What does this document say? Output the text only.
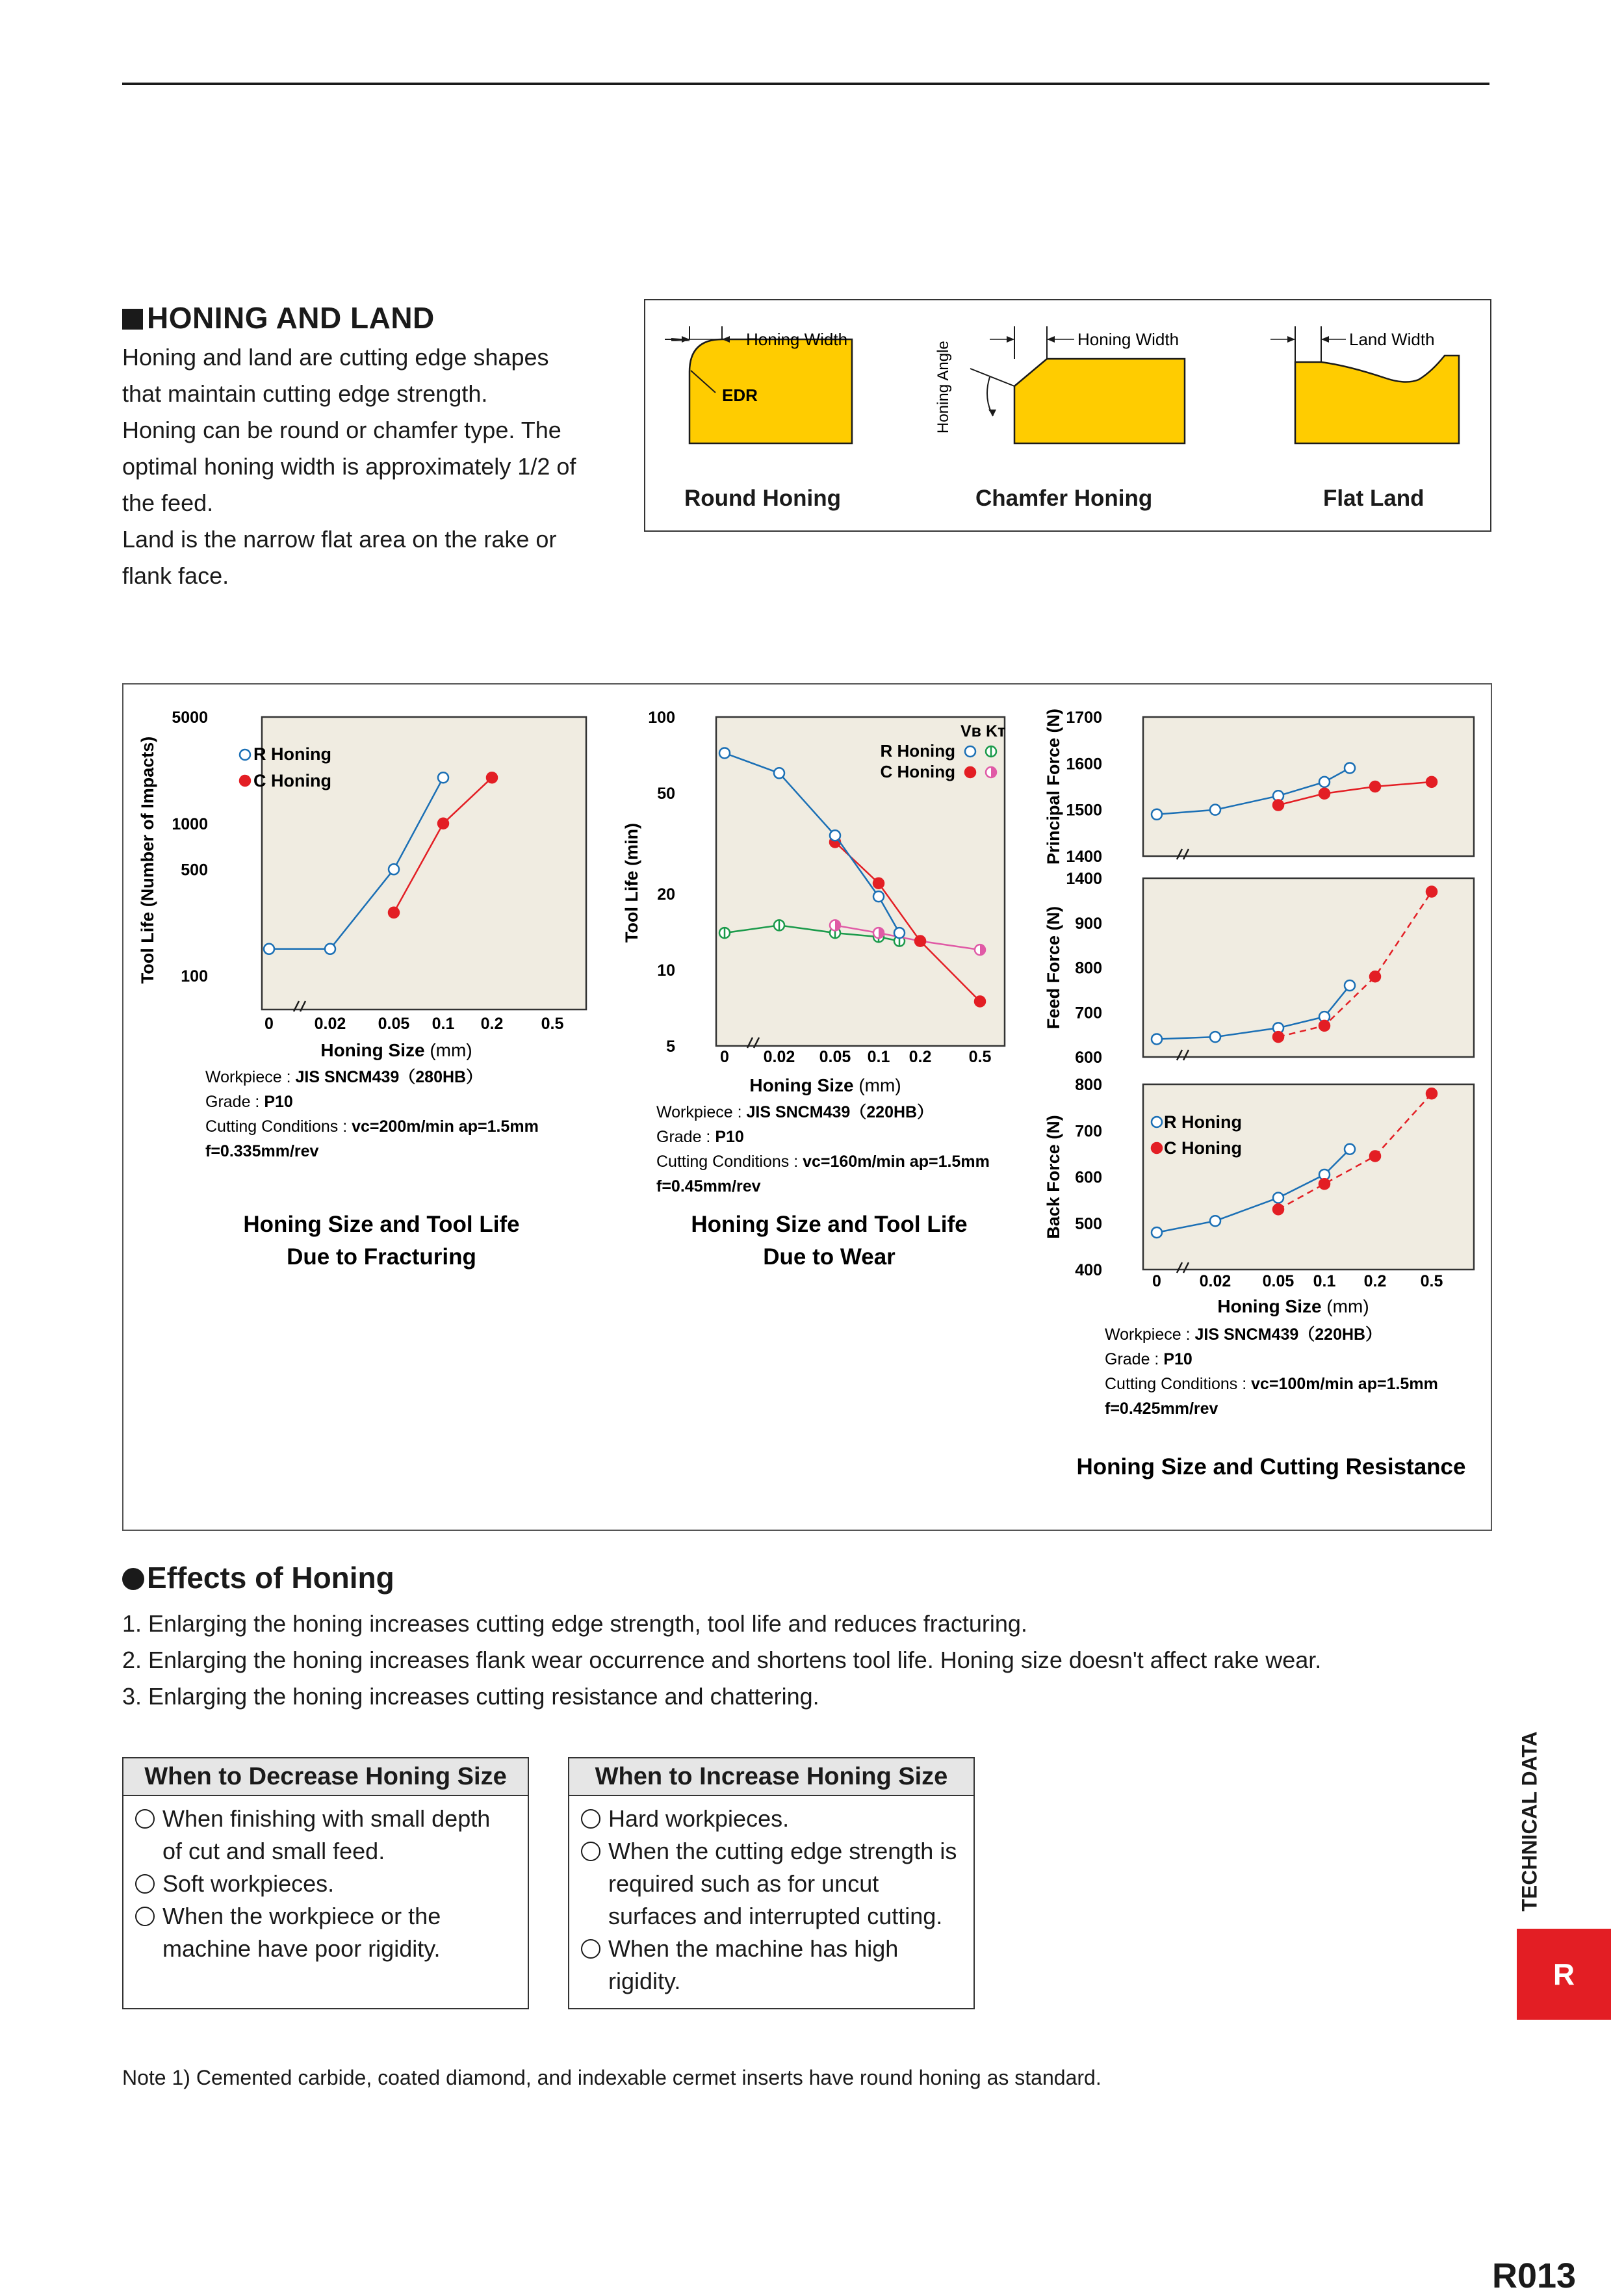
HONING AND LAND

Honing and land are cutting edge shapes

that maintain cutting edge strength.

Honing can be round or chamfer type. The

optimal honing width is approximately 1/2 of

the feed.

Land is the narrow flat area on the rake or

flank face.

Honing Width
EDR
Honing Width
Honing Angle
Land Width
Round Honing	Chamfer Honing	Flat Land
Tool Life (Number of Impacts)
5000
1000
500
100
0	0.02 0.05 0.1 0.2 0.5
Honing Size (mm)
R Honing
C Honing
Workpiece : JIS SNCM439（280HB）
Grade : P10
Cutting Conditions : vc=200m/min ap=1.5mm
f=0.335mm/rev
Honing Size and Tool Life
Due to Fracturing
Tool Life (min)
100
50
20
10
5
0 0.02 0.05 0.1 0.2 0.5
Honing Size (mm)
Vʙ Kᴛ
R Honing
C Honing
Workpiece : JIS SNCM439（220HB）
Grade : P10
Cutting Conditions : vc=160m/min ap=1.5mm
f=0.45mm/rev
Honing Size and Tool Life
Due to Wear
1700
1600
1500
1400
Principal Force (N)
900
800
700
600
1400
Feed Force (N)
800
700
600
500
400
Back Force (N)
0 0.02 0.05 0.1 0.2 0.5
Honing Size (mm)
R Honing
C Honing
Workpiece : JIS SNCM439（220HB）
Grade : P10
Cutting Conditions : vc=100m/min ap=1.5mm
f=0.425mm/rev
Honing Size and Cutting Resistance
Effects of Honing
1. Enlarging the honing increases cutting edge strength, tool life and reduces fracturing.
2. Enlarging the honing increases flank wear occurrence and shortens tool life. Honing size doesn't affect rake wear.
3. Enlarging the honing increases cutting resistance and chattering.
When to Decrease Honing Size
When finishing with small depth of cut and small feed.
Soft workpieces.
When the workpiece or the machine have poor rigidity.
When to Increase Honing Size
Hard workpieces.
When the cutting edge strength is required such as for uncut surfaces and interrupted cutting.
When the machine has high rigidity.
Note 1) Cemented carbide, coated diamond, and indexable cermet inserts have round honing as standard.
TECHNICAL DATA
R
R013
